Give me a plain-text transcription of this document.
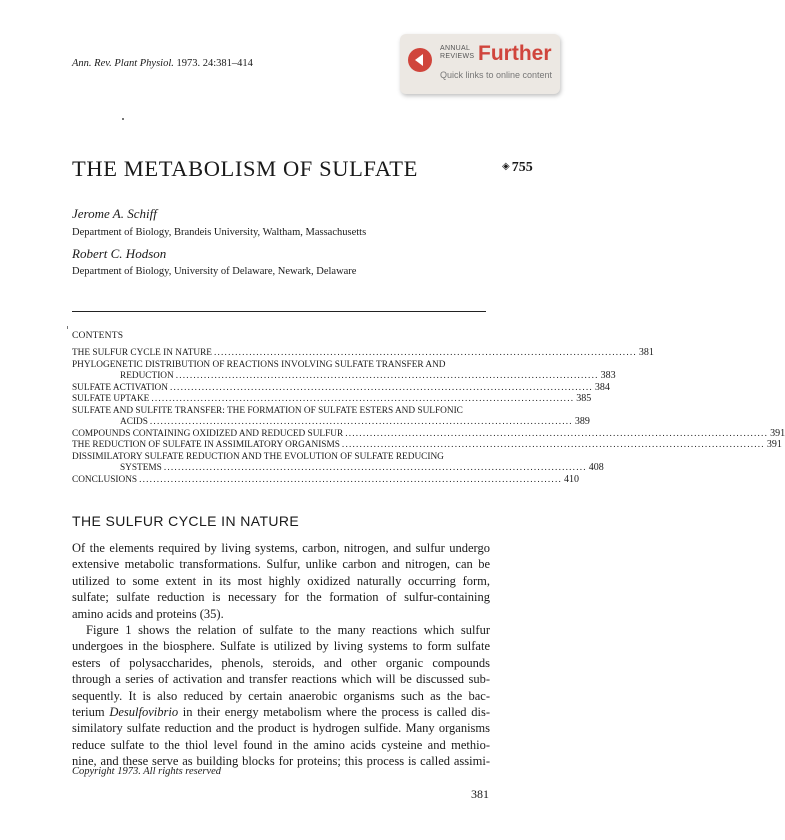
Ann. Rev. Plant Physiol. 1973. 24:381–414
ANNUAL
REVIEWS Further
Quick links to online content
THE METABOLISM OF SULFATE	◈ 755
Jerome A. Schiff
Department of Biology, Brandeis University, Waltham, Massachusetts
Robert C. Hodson
Department of Biology, University of Delaware, Newark, Delaware
CONTENTS
THE SULFUR CYCLE IN NATURE ........................................................................................................................ 381
PHYLOGENETIC DISTRIBUTION OF REACTIONS INVOLVING SULFATE TRANSFER AND
REDUCTION ........................................................................................................................ 383
SULFATE ACTIVATION ........................................................................................................................ 384
SULFATE UPTAKE ........................................................................................................................ 385
SULFATE AND SULFITE TRANSFER: THE FORMATION OF SULFATE ESTERS AND SULFONIC
ACIDS ........................................................................................................................ 389
COMPOUNDS CONTAINING OXIDIZED AND REDUCED SULFUR ........................................................................................................................ 391
THE REDUCTION OF SULFATE IN ASSIMILATORY ORGANISMS ........................................................................................................................ 391
DISSIMILATORY SULFATE REDUCTION AND THE EVOLUTION OF SULFATE REDUCING
SYSTEMS ........................................................................................................................ 408
CONCLUSIONS ........................................................................................................................ 410
THE SULFUR CYCLE IN NATURE
Of the elements required by living systems, carbon, nitrogen, and sulfur undergo
extensive metabolic transformations. Sulfur, unlike carbon and nitrogen, can be
utilized to some extent in its most highly oxidized naturally occurring form,
sulfate; sulfate reduction is necessary for the formation of sulfur-containing
amino acids and proteins (35).
Figure 1 shows the relation of sulfate to the many reactions which sulfur
undergoes in the biosphere. Sulfate is utilized by living systems to form sulfate
esters of polysaccharides, phenols, steroids, and other organic compounds
through a series of activation and transfer reactions which will be discussed sub-
sequently. It is also reduced by certain anaerobic organisms such as the bac-
terium Desulfovibrio in their energy metabolism where the process is called dis-
similatory sulfate reduction and the product is hydrogen sulfide. Many organisms
reduce sulfate to the thiol level found in the amino acids cysteine and methio-
nine, and these serve as building blocks for proteins; this process is called assimi-
Copyright 1973. All rights reserved
381
